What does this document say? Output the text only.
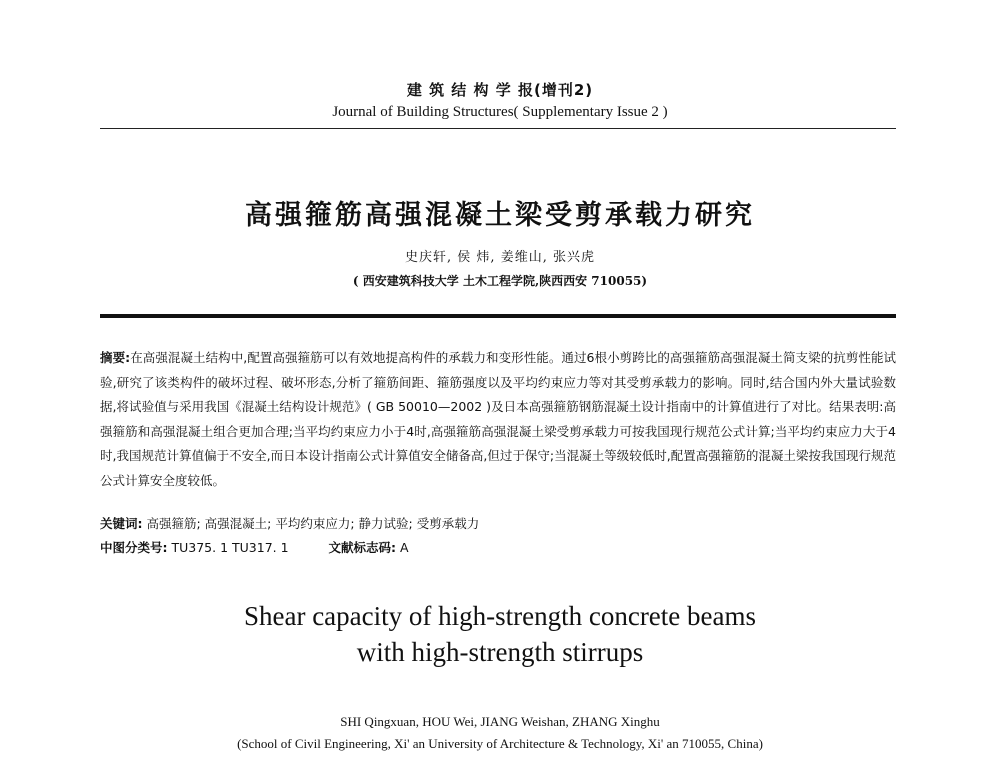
建 筑 结 构 学 报(增刊2)
Journal of Building Structures( Supplementary Issue 2 )
高强箍筋高强混凝土梁受剪承载力研究
史庆轩, 侯 炜, 姜维山, 张兴虎
( 西安建筑科技大学 土木工程学院,陕西西安 710055)
摘要:在高强混凝土结构中,配置高强箍筋可以有效地提高构件的承载力和变形性能。通过6根小剪跨比的高强箍筋高强混凝土简支梁的抗剪性能试验,研究了该类构件的破坏过程、破坏形态,分析了箍筋间距、箍筋强度以及平均约束应力等对其受剪承载力的影响。同时,结合国内外大量试验数据,将试验值与采用我国《混凝土结构设计规范》( GB 50010—2002 )及日本高强箍筋钢筋混凝土设计指南中的计算值进行了对比。结果表明:高强箍筋和高强混凝土组合更加合理;当平均约束应力小于4时,高强箍筋高强混凝土梁受剪承载力可按我国现行规范公式计算;当平均约束应力大于4时,我国规范计算值偏于不安全,而日本设计指南公式计算值安全储备高,但过于保守;当混凝土等级较低时,配置高强箍筋的混凝土梁按我国现行规范公式计算安全度较低。
关键词: 高强箍筋; 高强混凝土; 平均约束应力; 静力试验; 受剪承载力
中图分类号: TU375. 1 TU317. 1	文献标志码: A
Shear capacity of high-strength concrete beams
with high-strength stirrups
SHI Qingxuan, HOU Wei, JIANG Weishan, ZHANG Xinghu
(School of Civil Engineering, Xi' an University of Architecture & Technology, Xi' an 710055, China)
